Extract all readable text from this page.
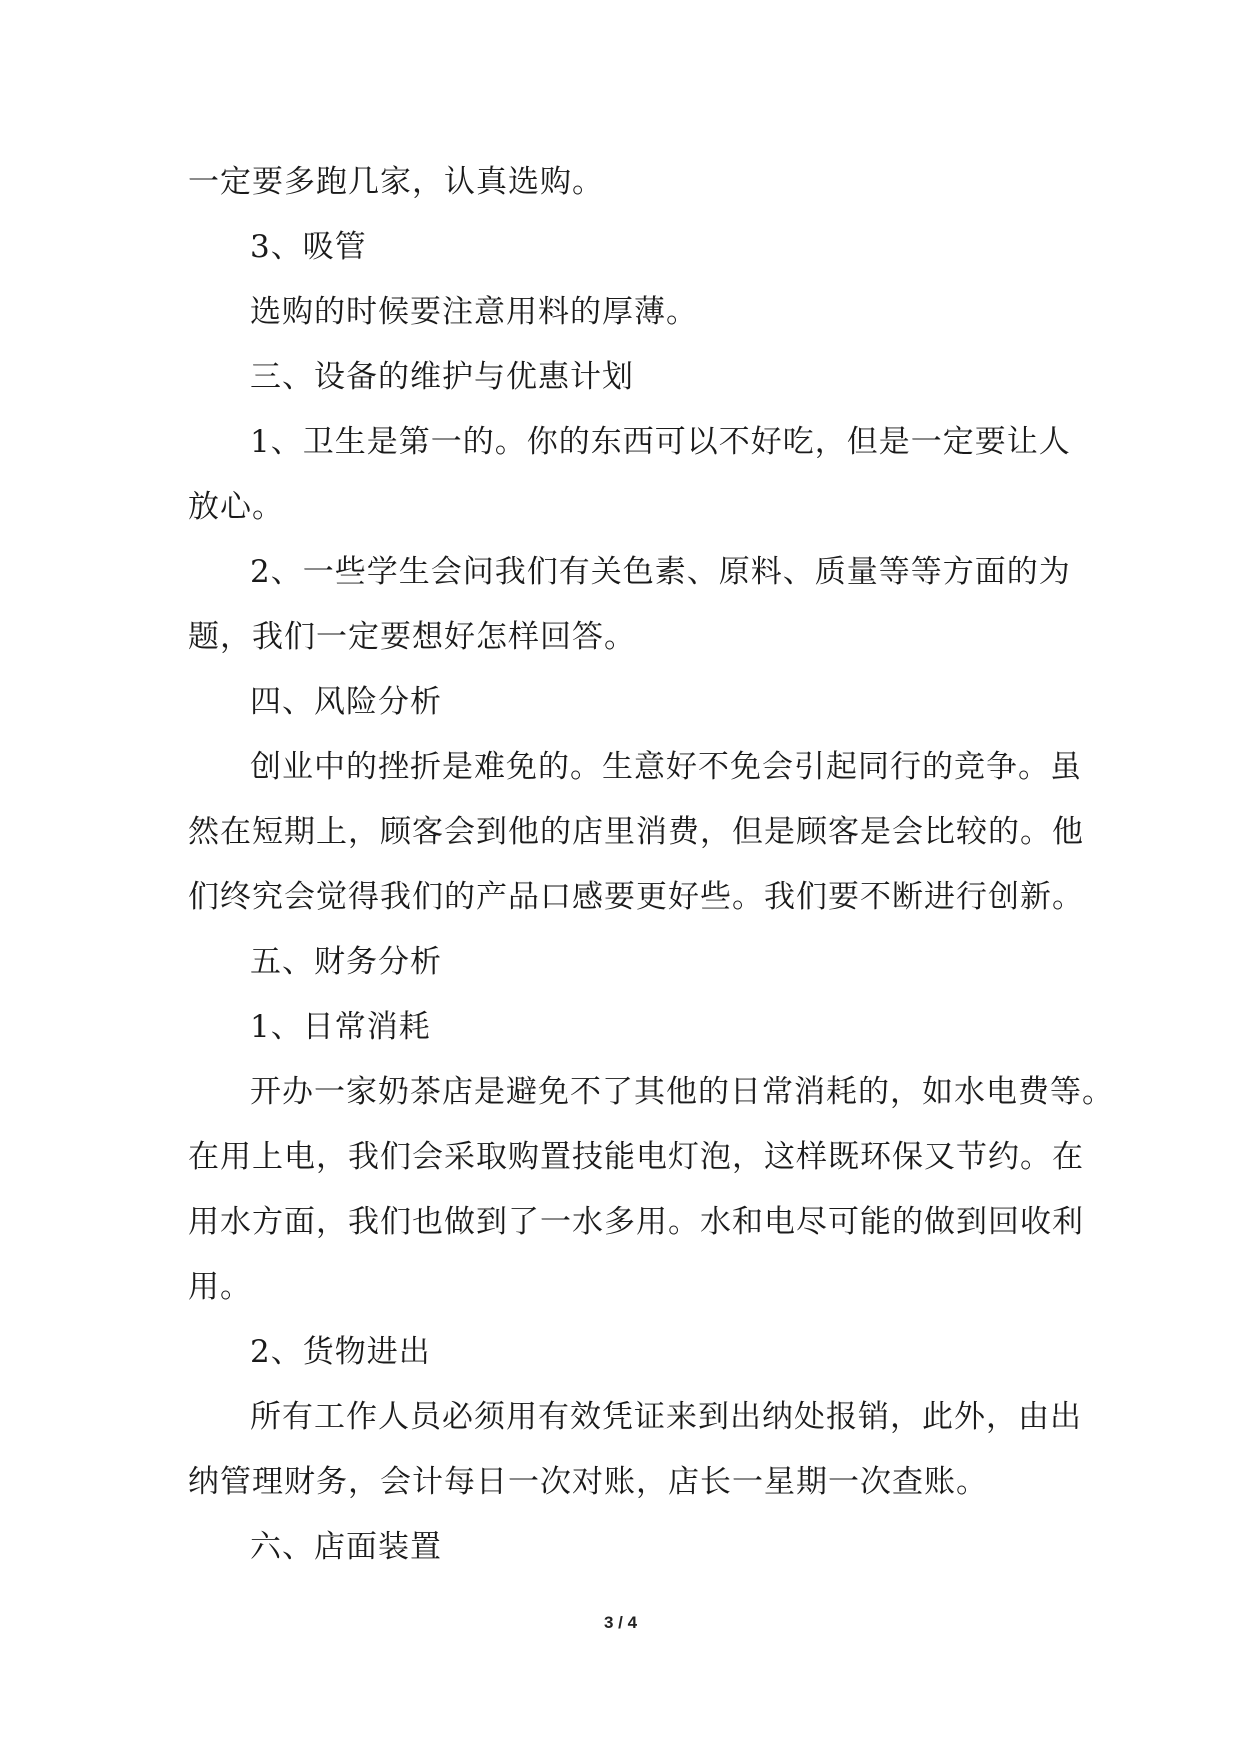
一定要多跑几家，认真选购。
3、吸管
选购的时候要注意用料的厚薄。
三、设备的维护与优惠计划
1、卫生是第一的。你的东西可以不好吃，但是一定要让人
放心。
2、一些学生会问我们有关色素、原料、质量等等方面的为
题，我们一定要想好怎样回答。
四、风险分析
创业中的挫折是难免的。生意好不免会引起同行的竞争。虽
然在短期上，顾客会到他的店里消费，但是顾客是会比较的。他
们终究会觉得我们的产品口感要更好些。我们要不断进行创新。
五、财务分析
1、日常消耗
开办一家奶茶店是避免不了其他的日常消耗的，如水电费等。
在用上电，我们会采取购置技能电灯泡，这样既环保又节约。在
用水方面，我们也做到了一水多用。水和电尽可能的做到回收利
用。
2、货物进出
所有工作人员必须用有效凭证来到出纳处报销，此外，由出
纳管理财务，会计每日一次对账，店长一星期一次查账。
六、店面装置
3 / 4
